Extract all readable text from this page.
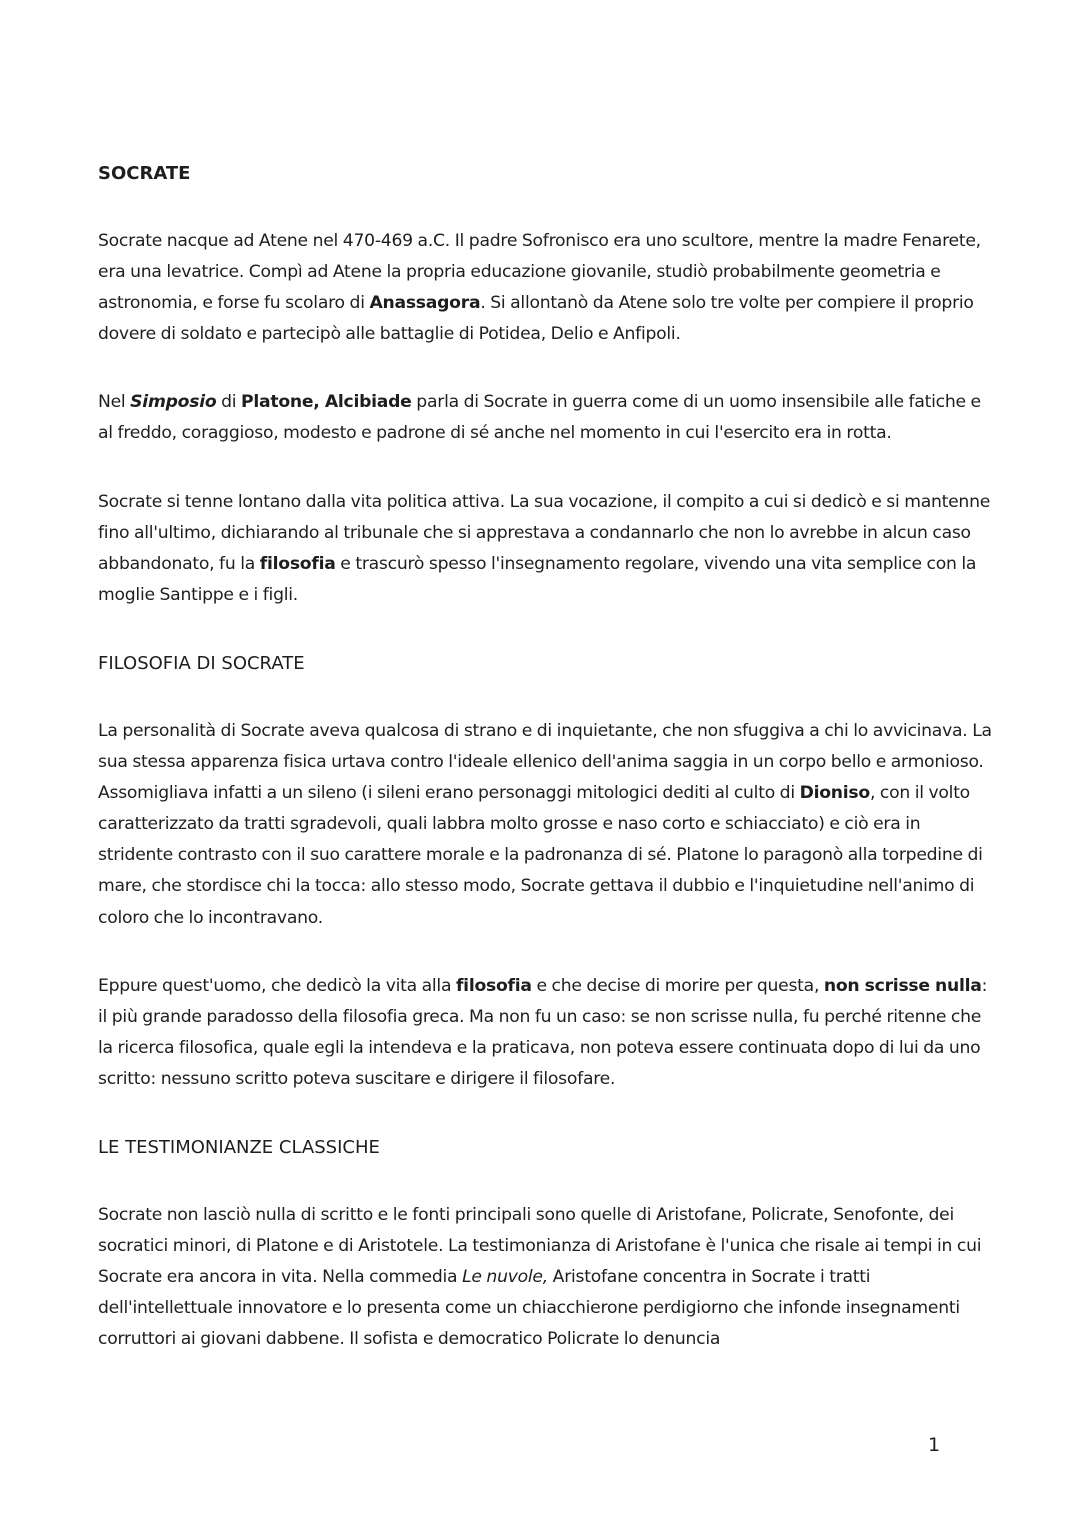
SOCRATE

Socrate nacque ad Atene nel 470-469 a.C. Il padre Sofronisco era uno scultore, mentre la madre Fenarete, era una levatrice. Compì ad Atene la propria educazione giovanile, studiò probabilmente geometria e astronomia, e forse fu scolaro di Anassagora. Si allontanò da Atene solo tre volte per compiere il proprio dovere di soldato e partecipò alle battaglie di Potidea, Delio e Anfipoli.

Nel Simposio di Platone, Alcibiade parla di Socrate in guerra come di un uomo insensibile alle fatiche e al freddo, coraggioso, modesto e padrone di sé anche nel momento in cui l'esercito era in rotta.

Socrate si tenne lontano dalla vita politica attiva. La sua vocazione, il compito a cui si dedicò e si mantenne fino all'ultimo, dichiarando al tribunale che si apprestava a condannarlo che non lo avrebbe in alcun caso abbandonato, fu la filosofia e trascurò spesso l'insegnamento regolare, vivendo una vita semplice con la moglie Santippe e i figli.

FILOSOFIA DI SOCRATE

La personalità di Socrate aveva qualcosa di strano e di inquietante, che non sfuggiva a chi lo avvicinava. La sua stessa apparenza fisica urtava contro l'ideale ellenico dell'anima saggia in un corpo bello e armonioso. Assomigliava infatti a un sileno (i sileni erano personaggi mitologici dediti al culto di Dioniso, con il volto caratterizzato da tratti sgradevoli, quali labbra molto grosse e naso corto e schiacciato) e ciò era in stridente contrasto con il suo carattere morale e la padronanza di sé. Platone lo paragonò alla torpedine di mare, che stordisce chi la tocca: allo stesso modo, Socrate gettava il dubbio e l'inquietudine nell'animo di coloro che lo incontravano.

Eppure quest'uomo, che dedicò la vita alla filosofia e che decise di morire per questa, non scrisse nulla: il più grande paradosso della filosofia greca. Ma non fu un caso: se non scrisse nulla, fu perché ritenne che la ricerca filosofica, quale egli la intendeva e la praticava, non poteva essere continuata dopo di lui da uno scritto: nessuno scritto poteva suscitare e dirigere il filosofare.

LE TESTIMONIANZE CLASSICHE

Socrate non lasciò nulla di scritto e le fonti principali sono quelle di Aristofane, Policrate, Senofonte, dei socratici minori, di Platone e di Aristotele. La testimonianza di Aristofane è l'unica che risale ai tempi in cui Socrate era ancora in vita. Nella commedia Le nuvole, Aristofane concentra in Socrate i tratti dell'intellettuale innovatore e lo presenta come un chiacchierone perdigiorno che infonde insegnamenti corruttori ai giovani dabbene. Il sofista e democratico Policrate lo denuncia

1
